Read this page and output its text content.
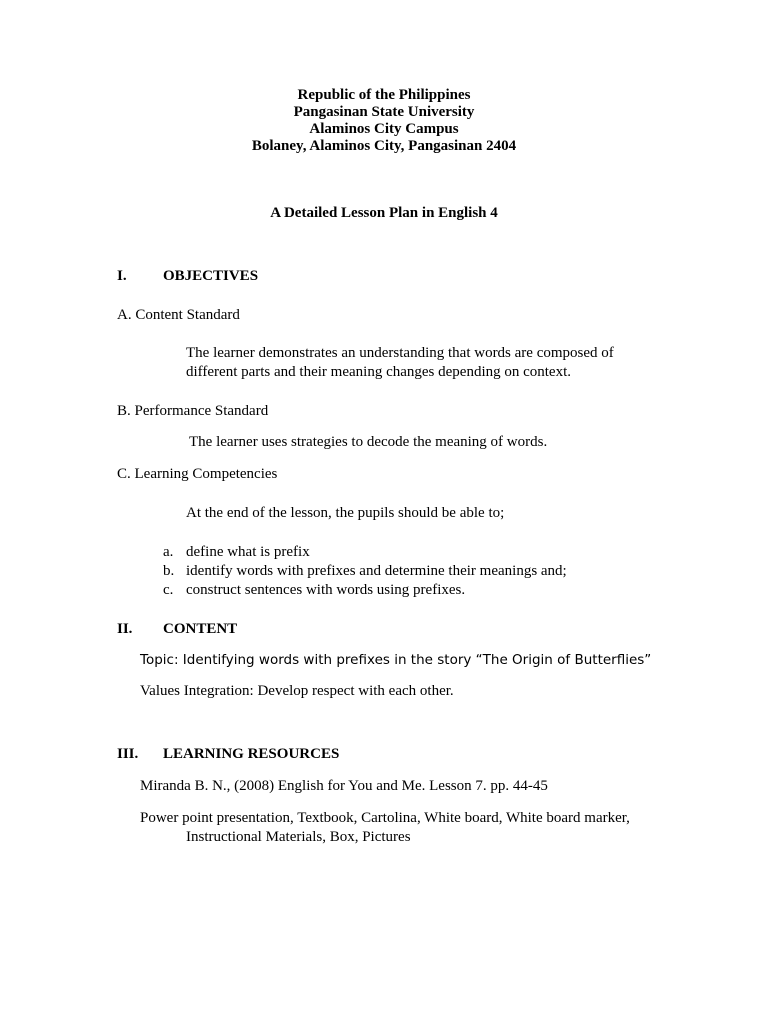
Republic of the Philippines
Pangasinan State University
Alaminos City Campus
Bolaney, Alaminos City, Pangasinan 2404
A Detailed Lesson Plan in English 4
I. OBJECTIVES
A. Content Standard
The learner demonstrates an understanding that words are composed of
different parts and their meaning changes depending on context.
B. Performance Standard
The learner uses strategies to decode the meaning of words.
C. Learning Competencies
At the end of the lesson, the pupils should be able to;
a. define what is prefix
b. identify words with prefixes and determine their meanings and;
c. construct sentences with words using prefixes.
II. CONTENT
Topic: Identifying words with prefixes in the story “The Origin of Butterflies”
Values Integration: Develop respect with each other.
III. LEARNING RESOURCES
Miranda B. N., (2008) English for You and Me. Lesson 7. pp. 44-45
Power point presentation, Textbook, Cartolina, White board, White board marker,
Instructional Materials, Box, Pictures
